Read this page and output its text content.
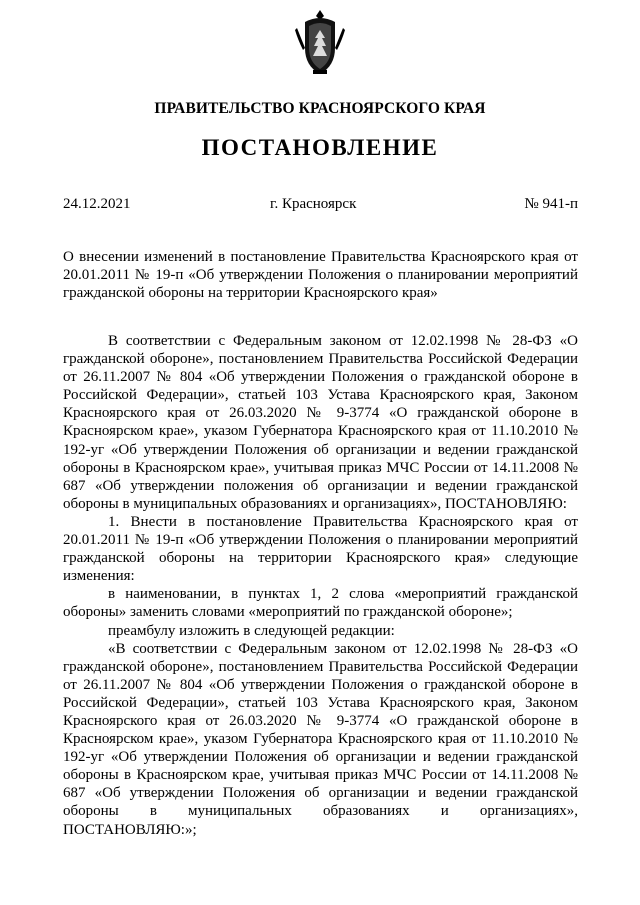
ПРАВИТЕЛЬСТВО КРАСНОЯРСКОГО КРАЯ
ПОСТАНОВЛЕНИЕ
24.12.2021	г. Красноярск	№ 941-п

О внесении изменений в постановление Правительства Красноярского края от 20.01.2011 № 19-п «Об утверждении Положения о планировании мероприятий гражданской обороны на территории Красноярского края»

В соответствии с Федеральным законом от 12.02.1998 № 28-ФЗ «О гражданской обороне», постановлением Правительства Российской Федерации от 26.11.2007 № 804 «Об утверждении Положения о гражданской обороне в Российской Федерации», статьей 103 Устава Красноярского края, Законом Красноярского края от 26.03.2020 № 9-3774 «О гражданской обороне в Красноярском крае», указом Губернатора Красноярского края от 11.10.2010 № 192-уг «Об утверждении Положения об организации и ведении гражданской обороны в Красноярском крае», учитывая приказ МЧС России от 14.11.2008 № 687 «Об утверждении положения об организации и ведении гражданской обороны в муниципальных образованиях и организациях», ПОСТАНОВЛЯЮ:

1. Внести в постановление Правительства Красноярского края от 20.01.2011 № 19-п «Об утверждении Положения о планировании мероприятий гражданской обороны на территории Красноярского края» следующие изменения:

в наименовании, в пунктах 1, 2 слова «мероприятий гражданской обороны» заменить словами «мероприятий по гражданской обороне»;

преамбулу изложить в следующей редакции:

«В соответствии с Федеральным законом от 12.02.1998 № 28-ФЗ «О гражданской обороне», постановлением Правительства Российской Федерации от 26.11.2007 № 804 «Об утверждении Положения о гражданской обороне в Российской Федерации», статьей 103 Устава Красноярского края, Законом Красноярского края от 26.03.2020 № 9-3774 «О гражданской обороне в Красноярском крае», указом Губернатора Красноярского края от 11.10.2010 № 192-уг «Об утверждении Положения об организации и ведении гражданской обороны в Красноярском крае, учитывая приказ МЧС России от 14.11.2008 № 687 «Об утверждении Положения об организации и ведении гражданской обороны в муниципальных образованиях и организациях», ПОСТАНОВЛЯЮ:»;
